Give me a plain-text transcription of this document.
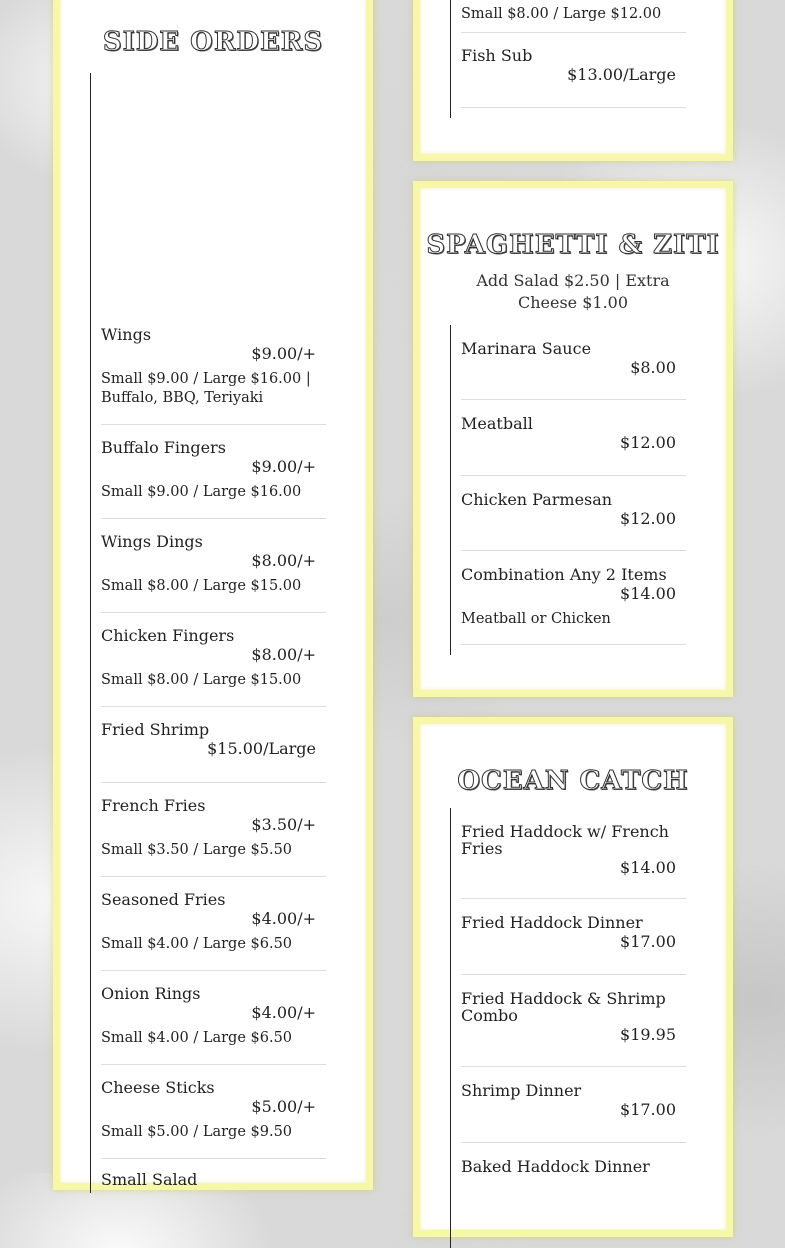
SIDE ORDERS
Wings
$9.00/+
Small $9.00 / Large $16.00 | Buffalo, BBQ, Teriyaki
Buffalo Fingers
$9.00/+
Small $9.00 / Large $16.00
Wings Dings
$8.00/+
Small $8.00 / Large $15.00
Chicken Fingers
$8.00/+
Small $8.00 / Large $15.00
Fried Shrimp
$15.00/Large
French Fries
$3.50/+
Small $3.50 / Large $5.50
Seasoned Fries
$4.00/+
Small $4.00 / Large $6.50
Onion Rings
$4.00/+
Small $4.00 / Large $6.50
Cheese Sticks
$5.00/+
Small $5.00 / Large $9.50
Small Salad
Small $8.00 / Large $12.00
Fish Sub
$13.00/Large
SPAGHETTI & ZITI
Add Salad $2.50 | Extra Cheese $1.00
Marinara Sauce
$8.00
Meatball
$12.00
Chicken Parmesan
$12.00
Combination Any 2 Items
$14.00
Meatball or Chicken
OCEAN CATCH
Fried Haddock w/ French Fries
$14.00
Fried Haddock Dinner
$17.00
Fried Haddock & Shrimp Combo
$19.95
Shrimp Dinner
$17.00
Baked Haddock Dinner
